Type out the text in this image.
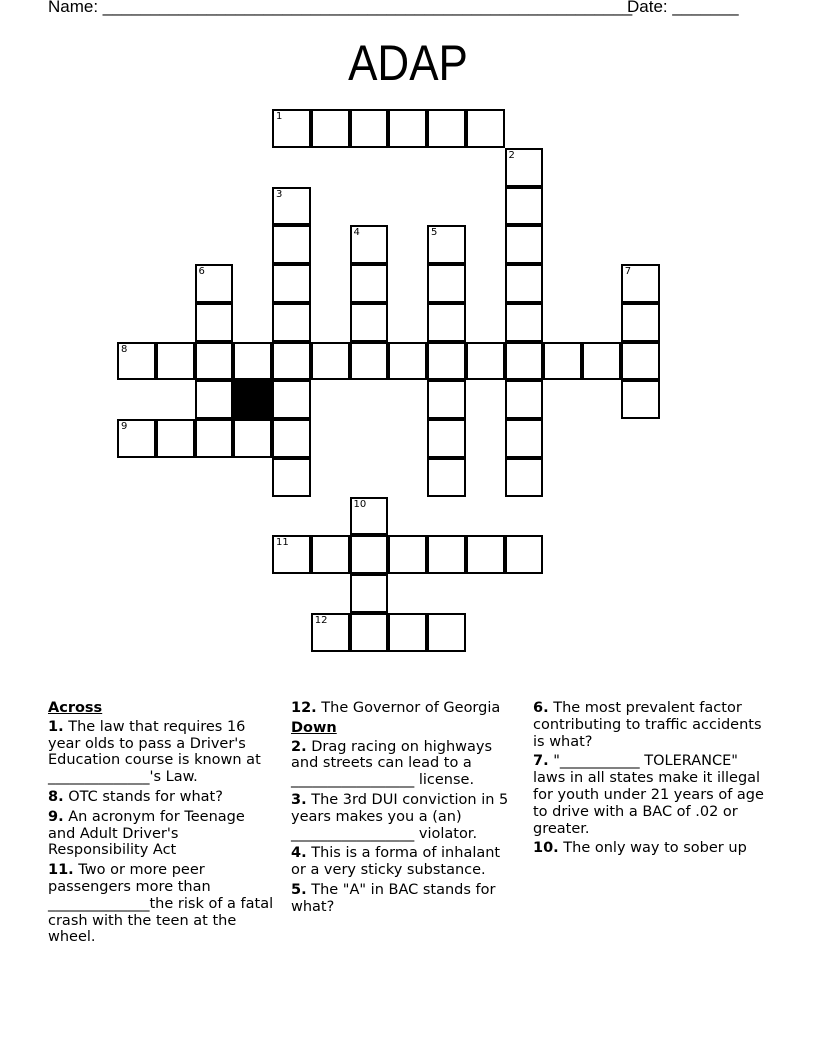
Name: ________________________________________________________
Date: _______
ADAP
1
2
3
4	5
6	7
8
9
10
11
12
Across
1. The law that requires 16 year olds to pass a Driver's Education course is known at ______________'s Law.
8. OTC stands for what?
9. An acronym for Teenage and Adult Driver's Responsibility Act
11. Two or more peer passengers more than ______________the risk of a fatal crash with the teen at the wheel.
12. The Governor of Georgia
Down
2. Drag racing on highways and streets can lead to a _________________ license.
3. The 3rd DUI conviction in 5 years makes you a (an) _________________ violator.
4. This is a forma of inhalant or a very sticky substance.
5. The "A" in BAC stands for what?
6. The most prevalent factor contributing to traffic accidents is what?
7. "___________ TOLERANCE" laws in all states make it illegal for youth under 21 years of age to drive with a BAC of .02 or greater.
10. The only way to sober up
